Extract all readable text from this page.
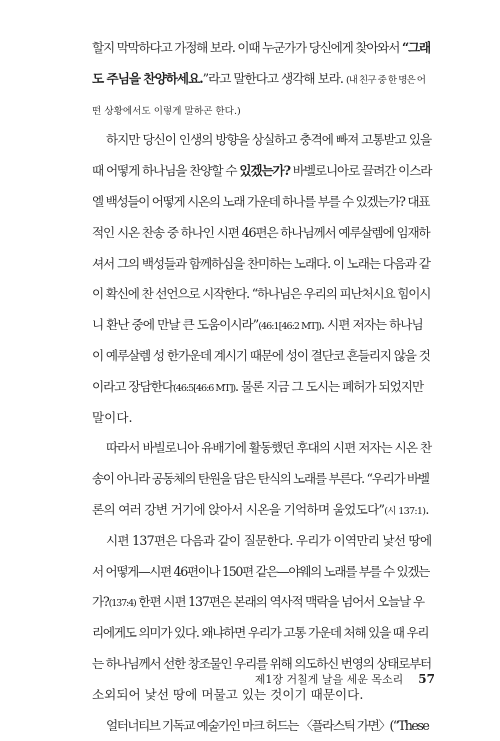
할지 막막하다고 가정해 보라. 이때 누군가가 당신에게 찾아와서 “그래
도 주님을 찬양하세요.”라고 말한다고 생각해 보라. (내 친구 중 한 명은 어
떤 상황에서도 이렇게 말하곤 한다.)
하지만 당신이 인생의 방향을 상실하고 충격에 빠져 고통받고 있을
때 어떻게 하나님을 찬양할 수 있겠는가? 바벨로니아로 끌려간 이스라
엘 백성들이 어떻게 시온의 노래 가운데 하나를 부를 수 있겠는가? 대표
적인 시온 찬송 중 하나인 시편 46편은 하나님께서 예루살렘에 임재하
셔서 그의 백성들과 함께하심을 찬미하는 노래다. 이 노래는 다음과 같
이 확신에 찬 선언으로 시작한다. “하나님은 우리의 피난처시요 힘이시
니 환난 중에 만날 큰 도움이시라”(46:1[46:2 MT]). 시편 저자는 하나님
이 예루살렘 성 한가운데 계시기 때문에 성이 결단코 흔들리지 않을 것
이라고 장담한다(46:5[46:6 MT]). 물론 지금 그 도시는 폐허가 되었지만
말이다.
따라서 바빌로니아 유배기에 활동했던 후대의 시편 저자는 시온 찬
송이 아니라 공동체의 탄원을 담은 탄식의 노래를 부른다. “우리가 바벨
론의 여러 강변 거기에 앉아서 시온을 기억하며 울었도다”(시 137:1).
시편 137편은 다음과 같이 질문한다. 우리가 이역만리 낯선 땅에
서 어떻게—시편 46편이나 150편 같은—야웨의 노래를 부를 수 있겠는
가?(137:4) 한편 시편 137편은 본래의 역사적 맥락을 넘어서 오늘날 우
리에게도 의미가 있다. 왜냐하면 우리가 고통 가운데 처해 있을 때 우리
는 하나님께서 선한 창조물인 우리를 위해 의도하신 번영의 상태로부터
소외되어 낯선 땅에 머물고 있는 것이기 때문이다.
얼터너티브 기독교 예술가인 마크 허드는 〈플라스틱 가면〉(“These
제1장 거칠게 날을 세운 목소리 57
